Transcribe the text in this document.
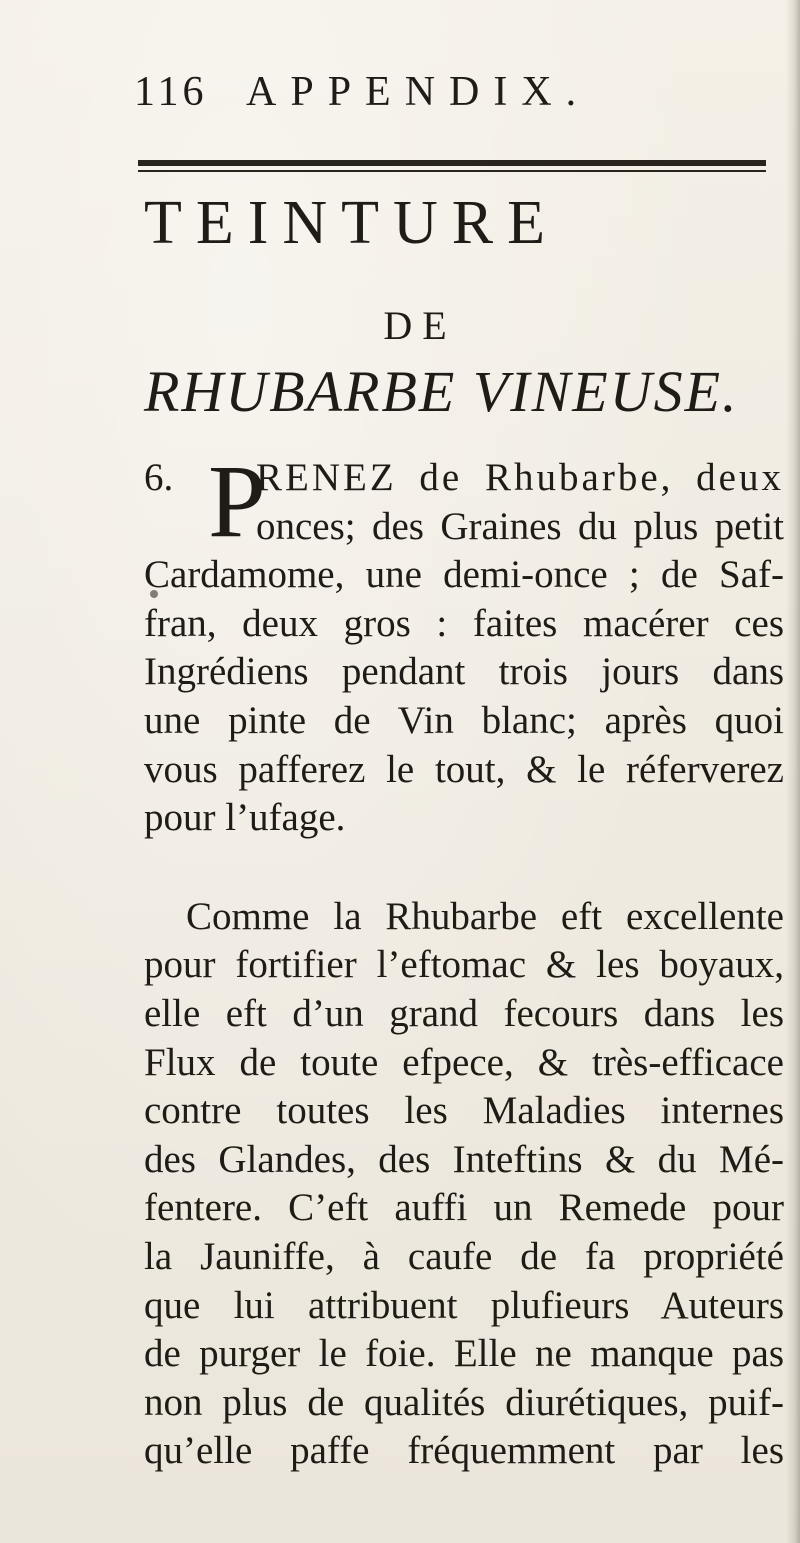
116 APPENDIX.
TEINTURE
DE
RHUBARBE VINEUSE.
6. RENEZ de Rhubarbe, deux
onces; des Graines du plus petit
Cardamome, une demi-once ; de Saf-
fran, deux gros : faites macérer ces
Ingrédiens pendant trois jours dans
une pinte de Vin blanc; après quoi
vous pafferez le tout, & le réferverez
pour l’ufage.
Comme la Rhubarbe eft excellente
pour fortifier l’eftomac & les boyaux,
elle eft d’un grand fecours dans les
Flux de toute efpece, & très-efficace
contre toutes les Maladies internes
des Glandes, des Inteftins & du Mé-
fentere. C’eft auffi un Remede pour
la Jauniffe, à caufe de fa propriété
que lui attribuent plufieurs Auteurs
de purger le foie. Elle ne manque pas
non plus de qualités diurétiques, puif-
qu’elle paffe fréquemment par les
P
